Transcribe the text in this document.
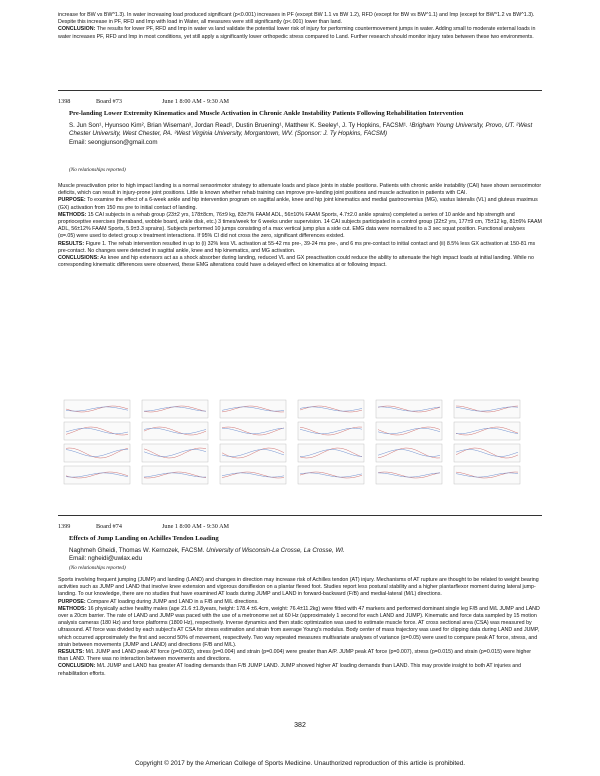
increase for BW vs BW^1.3). In water increasing load produced significant (p<0.001) increases in PF (except BW 1.1 vs BW 1.2), RFD (except for BW vs BW^1.1) and Imp (except for BW^1.2 vs BW^1.3). Despite this increase in PF, RFD and Imp with load in Water, all measures were still significantly (p<.001) lower than land.
CONCLUSION: The results for lower PF, RFD and Imp in water vs land validate the potential lower risk of injury for performing countermovement jumps in water. Adding small to moderate external loads in water increases PF, RFD and Imp in most conditions, yet still apply a significantly lower orthopedic stress compared to Land. Further research should monitor injury rates between these two environments.

1398	Board #73	June 1 8:00 AM - 9:30 AM
Pre-landing Lower Extremity Kinematics and Muscle Activation in Chronic Ankle Instability Patients Following Rehabilitation Intervention
S. Jun Son¹, Hyunsoo Kim², Brian Wiseman³, Jordan Read¹, Dustin Bruening¹, Matthew K. Seeley¹, J. Ty Hopkins, FACSM¹. ¹Brigham Young University, Provo, UT. ²West Chester University, West Chester, PA. ³West Virginia University, Morgantown, WV. (Sponsor: J. Ty Hopkins, FACSM)
Email: seongjunson@gmail.com
(No relationships reported)

Muscle preactivation prior to high impact landing is a normal sensorimotor strategy to attenuate loads and place joints in stable positions. Patients with chronic ankle instability (CAI) have shown sensorimotor deficits, which can result in injury-prone joint positions. Little is known whether rehab training can improve pre-landing joint positions and muscle activation in patients with CAI.
PURPOSE: To examine the effect of a 6-week ankle and hip intervention program on sagittal ankle, knee and hip joint kinematics and medial gastrocnemius (MG), vastus lateralis (VL) and gluteus maximus (GX) activation from 150 ms pre to initial contact of landing.
METHODS: 15 CAI subjects in a rehab group (23±2 yrs, 178±8cm, 76±9 kg, 83±7% FAAM ADL, 56±10% FAAM Sports, 4.7±2.0 ankle sprains) completed a series of 10 ankle and hip strength and proprioceptive exercises (theraband, wobble board, ankle disk, etc.) 3 times/week for 6 weeks under supervision. 14 CAI subjects participated in a control group (22±2 yrs, 177±9 cm, 75±12 kg, 81±6% FAAM ADL, 56±12% FAAM Sports, 5.9±3.3 sprains). Subjects performed 10 jumps consisting of a max vertical jump plus a side cut. EMG data were normalized to a 3 sec squat position. Functional analyses (α=.05) were used to detect group x treatment interactions. If 95% CI did not cross the zero, significant differences existed.
RESULTS: Figure 1. The rehab intervention resulted in up to (i) 32% less VL activation at 55-42 ms pre-, 39-24 ms pre-, and 6 ms pre-contact to initial contact and (ii) 8.5% less GX activation at 150-81 ms pre-contact. No changes were detected in sagittal ankle, knee and hip kinematics, and MG activation.
CONCLUSIONS: As knee and hip extensors act as a shock absorber during landing, reduced VL and GX preactivation could reduce the ability to attenuate the high impact loads at initial landing. While no corresponding kinematic differences were observed, these EMG alterations could have a delayed effect on kinematics at or following impact.

1399	Board #74	June 1 8:00 AM - 9:30 AM
Effects of Jump Landing on Achilles Tendon Loading
Naghmeh Gheidi, Thomas W. Kernozek, FACSM. University of Wisconsin-La Crosse, La Crosse, WI.
Email: ngheidi@uwlax.edu
(No relationships reported)

Sports involving frequent jumping (JUMP) and landing (LAND) and changes in direction may increase risk of Achilles tendon (AT) injury. Mechanisms of AT rupture are thought to be related to weight bearing activities such as JUMP and LAND that involve knee extension and vigorous dorsiflexion on a plantar flexed foot. Studies report less postural stability and a higher plantarflexor moment during lateral jump-landing. To our knowledge, there are no studies that have examined AT loads during JUMP and LAND in forward-backward (F/B) and medial-lateral (M/L) directions.
PURPOSE: Compare AT loading during JUMP and LAND in a F/B and M/L directions.
METHODS: 16 physically active healthy males (age 21.6 ±1.8years, height: 178.4 ±6.4cm, weight: 76.4±11.2kg) were fitted with 47 markers and performed dominant single leg F/B and M/L JUMP and LAND over a 20cm barrier. The rate of LAND and JUMP was paced with the use of a metronome set at 60 Hz (approximately 1 second for each LAND and JUMP). Kinematic and force data sampled by 15 motion analysis cameras (180 Hz) and force platforms (1800 Hz), respectively. Inverse dynamics and then static optimization was used to estimate muscle force. AT cross sectional area (CSA) was measured by ultrasound. AT force was divided by each subject's AT CSA for stress estimation and strain from average Young's modulus. Body center of mass trajectory was used for clipping data during LAND and JUMP, which occurred approximately the first and second 50% of movement, respectively. Two way repeated measures multivariate analyses of variance (α=0.05) were used to compare peak AT force, stress, and strain between movements (JUMP and LAND) and directions (F/B and M/L).
RESULTS: M/L JUMP and LAND peak AT force (p=0.002), stress (p=0.004) and strain (p=0.004) were greater than A/P. JUMP peak AT force (p=0.007), stress (p=0.015) and strain (p=0.015) were higher than LAND. There was no interaction between movements and directions.
CONCLUSION: M/L JUMP and LAND has greater AT loading demands than F/B JUMP LAND. JUMP showed higher AT loading demands than LAND. This may provide insight to both AT injuries and rehabilitation efforts.

382
Copyright © 2017 by the American College of Sports Medicine. Unauthorized reproduction of this article is prohibited.
